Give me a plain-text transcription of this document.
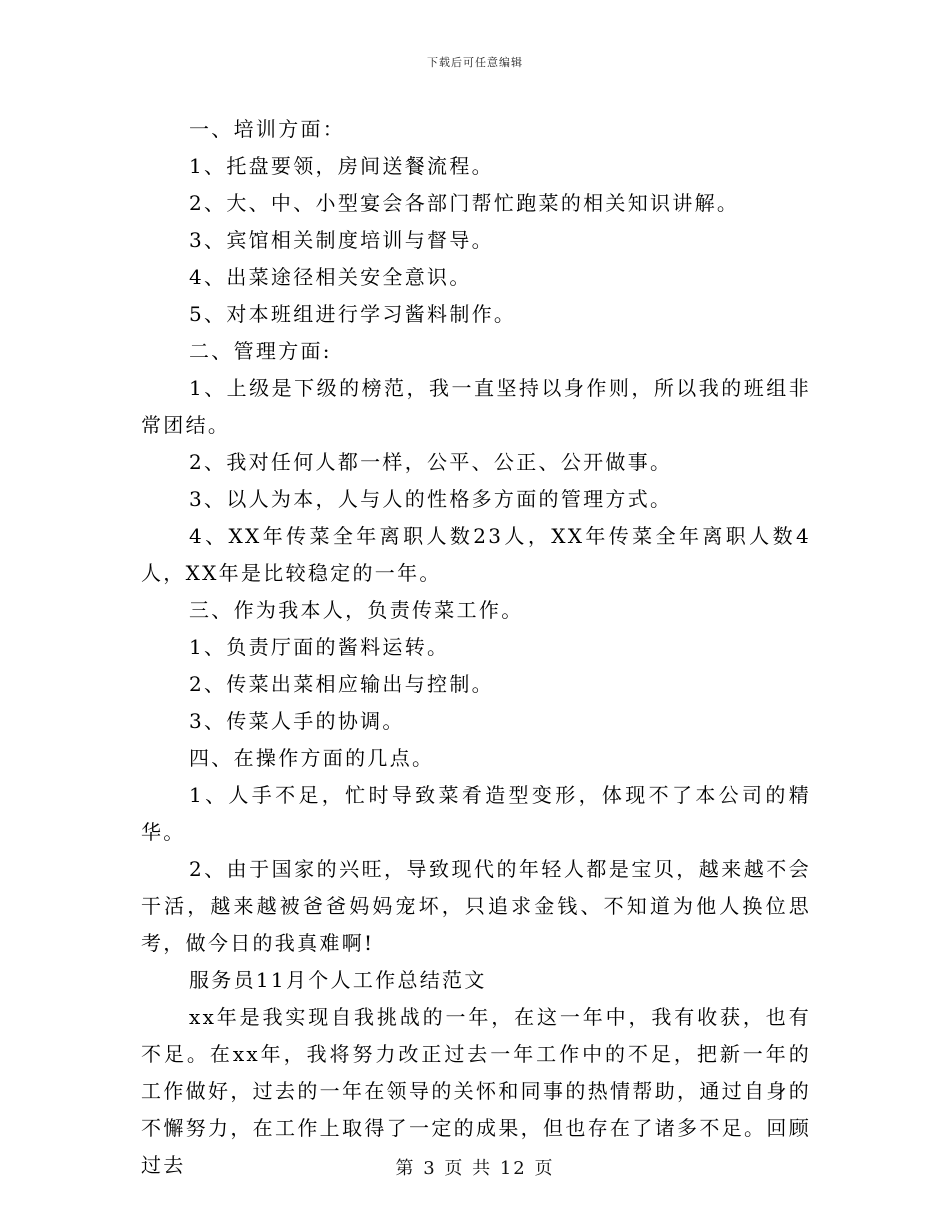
下载后可任意编辑

一、培训方面：

1、托盘要领，房间送餐流程。

2、大、中、小型宴会各部门帮忙跑菜的相关知识讲解。

3、宾馆相关制度培训与督导。

4、出菜途径相关安全意识。

5、对本班组进行学习酱料制作。

二、管理方面:

1、上级是下级的榜范，我一直坚持以身作则，所以我的班组非常团结。

2、我对任何人都一样，公平、公正、公开做事。

3、以人为本，人与人的性格多方面的管理方式。

4、XX年传菜全年离职人数23人，XX年传菜全年离职人数4人，XX年是比较稳定的一年。

三、作为我本人，负责传菜工作。

1、负责厅面的酱料运转。

2、传菜出菜相应输出与控制。

3、传菜人手的协调。

四、在操作方面的几点。

1、人手不足，忙时导致菜肴造型变形，体现不了本公司的精华。

2、由于国家的兴旺，导致现代的年轻人都是宝贝，越来越不会干活，越来越被爸爸妈妈宠坏，只追求金钱、不知道为他人换位思考，做今日的我真难啊!

服务员11月个人工作总结范文

xx年是我实现自我挑战的一年，在这一年中，我有收获，也有不足。在xx年，我将努力改正过去一年工作中的不足，把新一年的工作做好，过去的一年在领导的关怀和同事的热情帮助，通过自身的不懈努力，在工作上取得了一定的成果，但也存在了诸多不足。回顾过去	第 3 页 共 12 页
